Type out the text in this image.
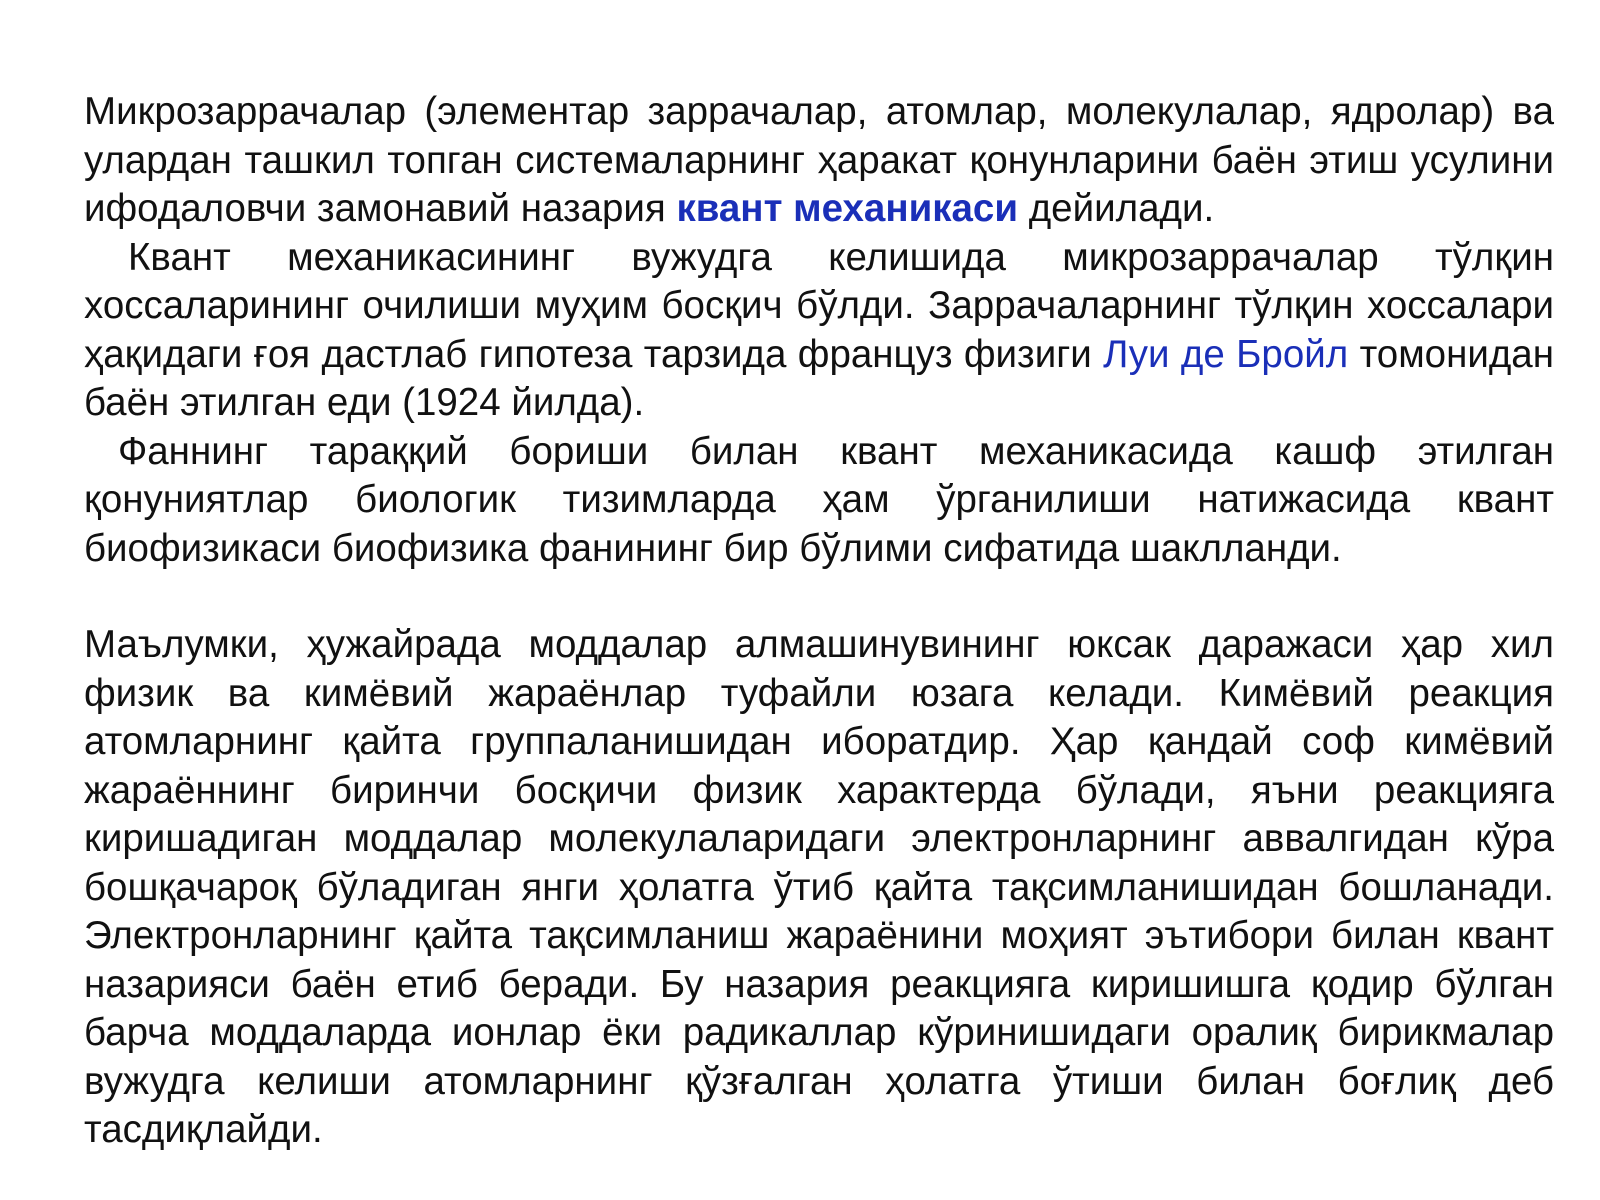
Микрозаррачалар (элементар заррачалар, атомлар, молекулалар, ядролар) ва улардан ташкил топган системаларнинг ҳаракат қонунларини баён этиш усулини ифодаловчи замонавий назария квант механикаси дейилади.

Квант механикасининг вужудга келишида микрозаррачалар тўлқин хоссаларининг очилиши муҳим босқич бўлди. Заррачаларнинг тўлқин хоссалари ҳақидаги ғоя дастлаб гипотеза тарзида француз физиги Луи де Бройл томонидан баён этилган еди (1924 йилда).

Фаннинг тараққий бориши билан квант механикасида кашф этилган қонуниятлар биологик тизимларда ҳам ўрганилиши натижасида квант биофизикаси биофизика фанининг бир бўлими сифатида шаклланди.

Маълумки, ҳужайрада моддалар алмашинувининг юксак даражаси ҳар хил физик ва кимёвий жараёнлар туфайли юзага келади. Кимёвий реакция атомларнинг қайта группаланишидан иборатдир. Ҳар қандай соф кимёвий жараённинг биринчи босқичи физик характерда бўлади, яъни реакцияга киришадиган моддалар молекулаларидаги электронларнинг аввалгидан кўра бошқачароқ бўладиган янги ҳолатга ўтиб қайта тақсимланишидан бошланади. Электронларнинг қайта тақсимланиш жараёнини моҳият эътибори билан квант назарияси баён етиб беради. Бу назария реакцияга киришишга қодир бўлган барча моддаларда ионлар ёки радикаллар кўринишидаги оралиқ бирикмалар вужудга келиши атомларнинг қўзғалган ҳолатга ўтиши билан боғлиқ деб тасдиқлайди.
